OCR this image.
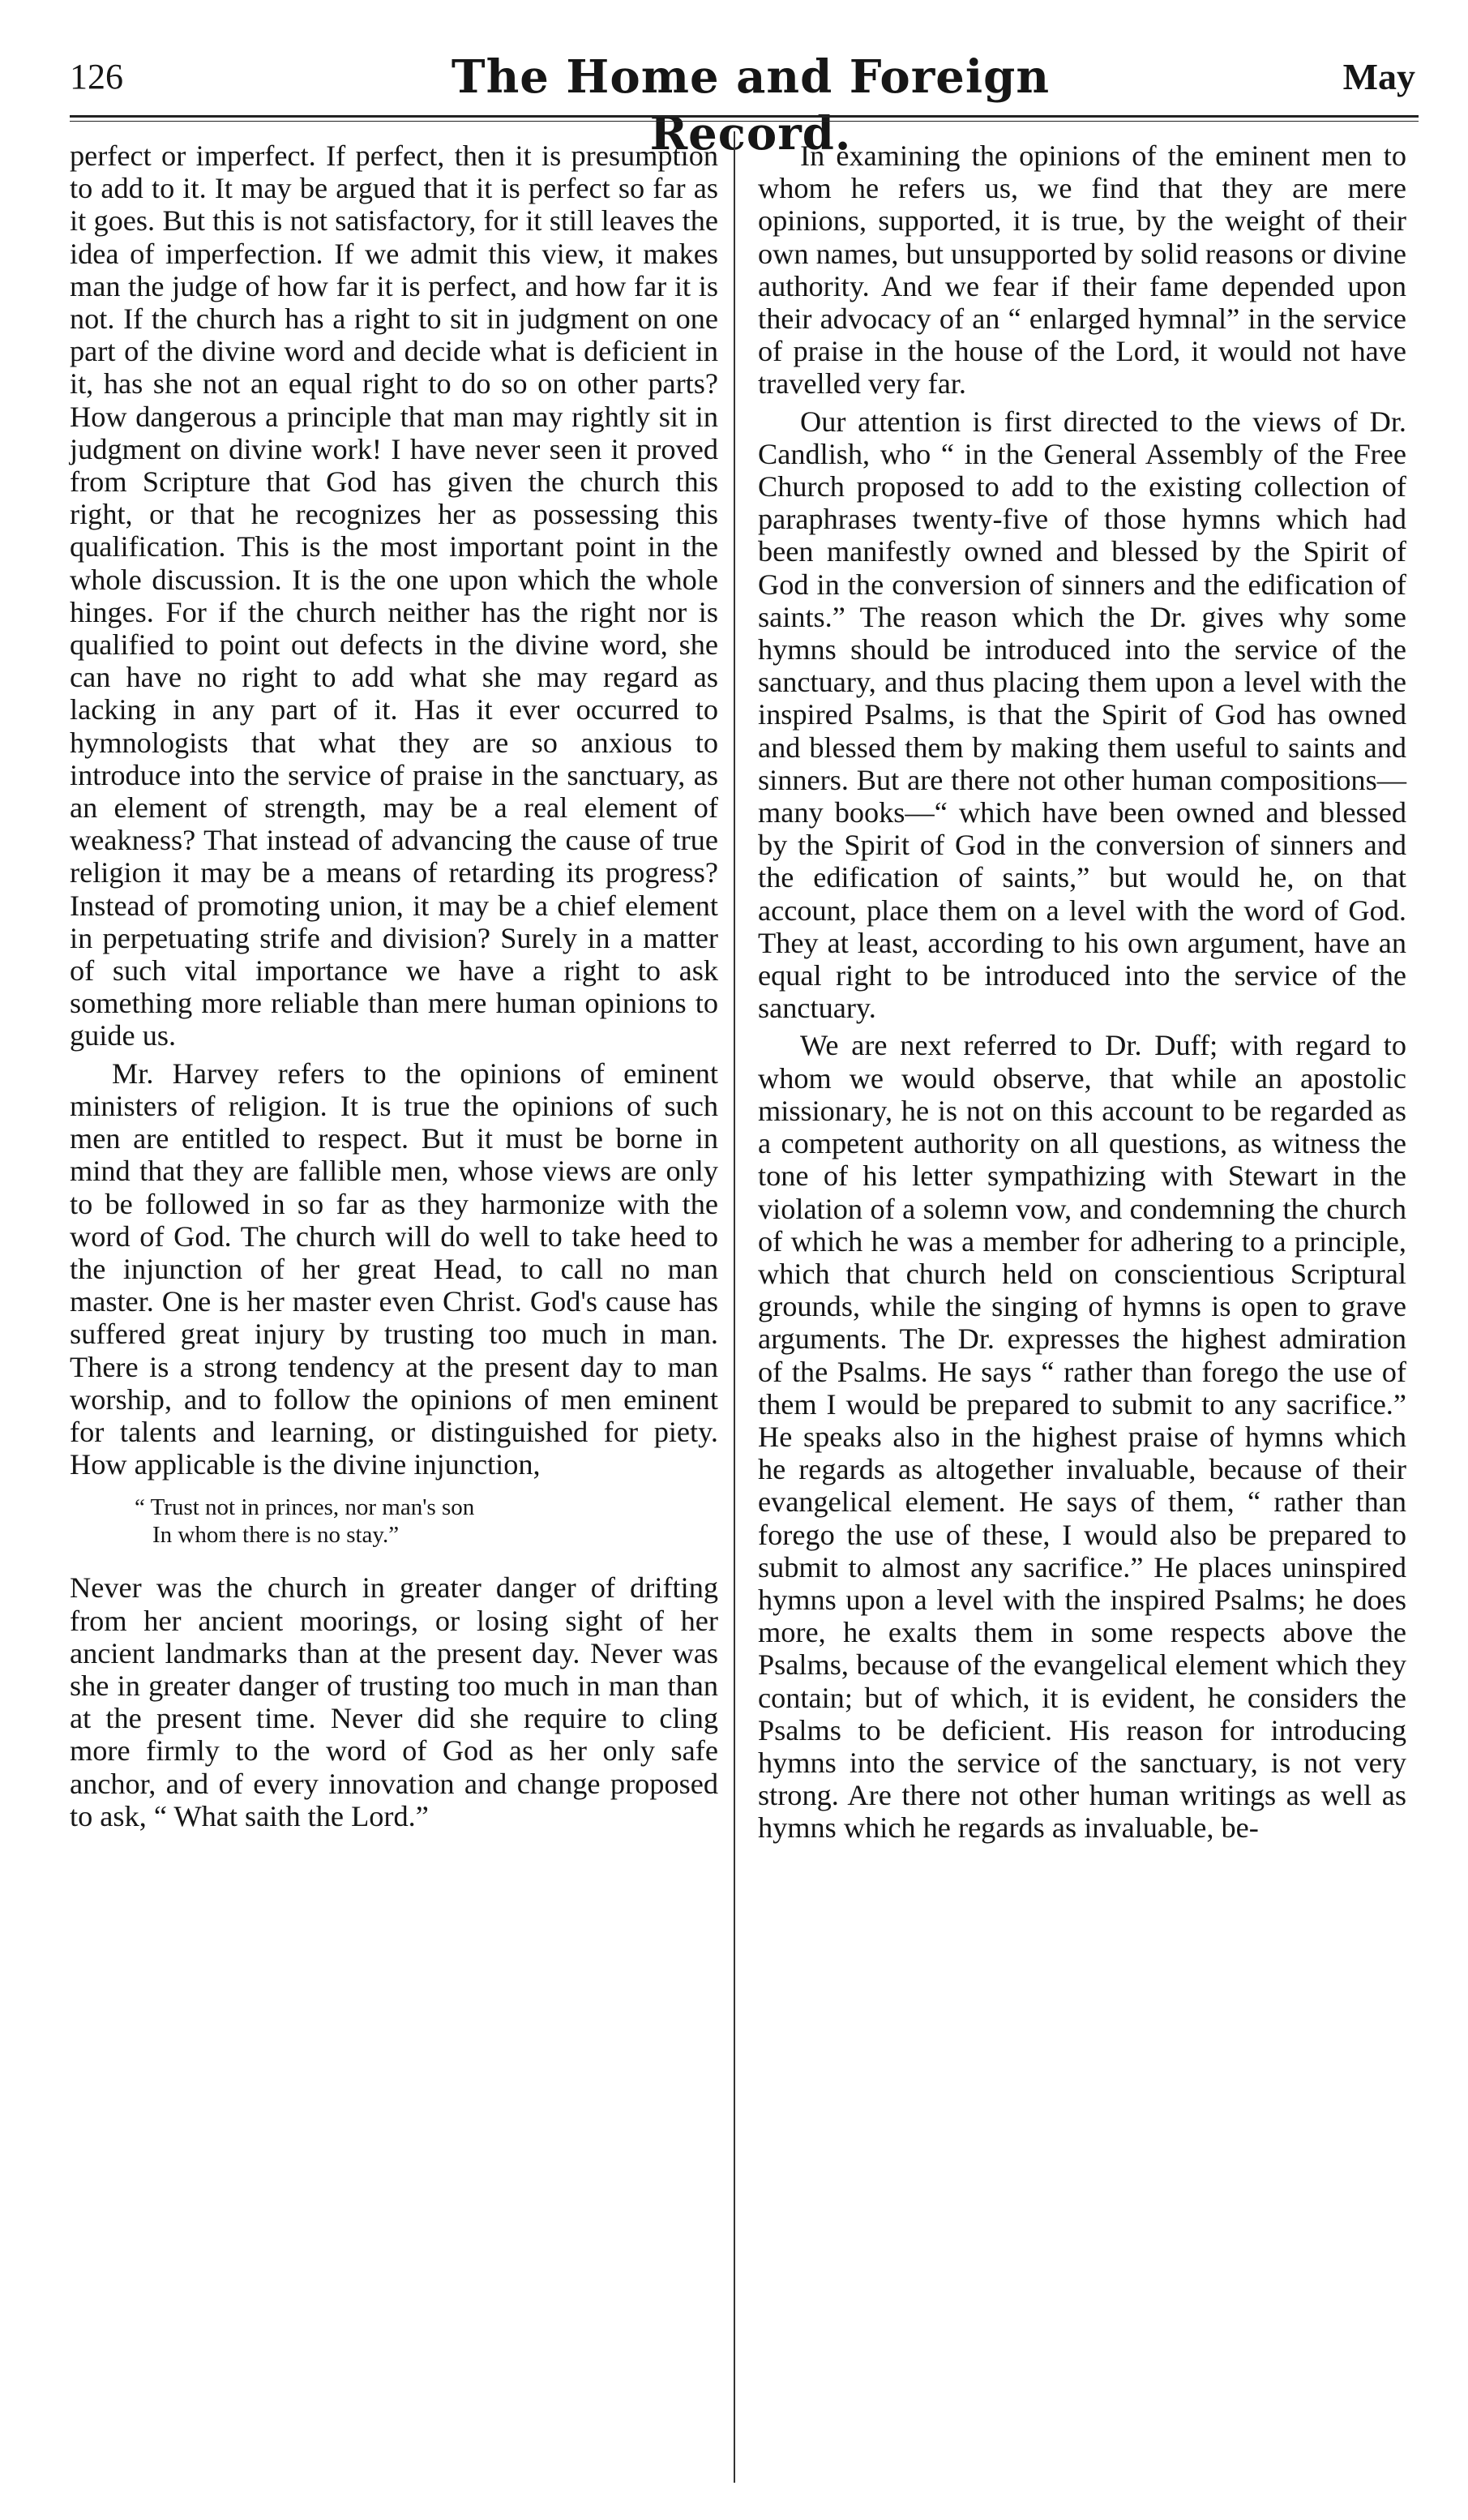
126	The Home and Foreign Record.
May

perfect or imperfect. If perfect, then it is presumption to add to it. It may be argued that it is perfect so far as it goes. But this is not satisfactory, for it still leaves the idea of imperfection. If we admit this view, it makes man the judge of how far it is perfect, and how far it is not. If the church has a right to sit in judgment on one part of the divine word and decide what is deficient in it, has she not an equal right to do so on other parts? How dangerous a principle that man may rightly sit in judgment on divine work! I have never seen it proved from Scripture that God has given the church this right, or that he recognizes her as possessing this qualification. This is the most important point in the whole discussion. It is the one upon which the whole hinges. For if the church neither has the right nor is qualified to point out defects in the divine word, she can have no right to add what she may regard as lacking in any part of it. Has it ever occurred to hymnologists that what they are so anxious to introduce into the service of praise in the sanctuary, as an element of strength, may be a real element of weakness? That instead of advancing the cause of true religion it may be a means of retarding its progress? Instead of promoting union, it may be a chief element in perpetuating strife and division? Surely in a matter of such vital importance we have a right to ask something more reliable than mere human opinions to guide us.

Mr. Harvey refers to the opinions of eminent ministers of religion. It is true the opinions of such men are entitled to respect. But it must be borne in mind that they are fallible men, whose views are only to be followed in so far as they harmonize with the word of God. The church will do well to take heed to the injunction of her great Head, to call no man master. One is her master even Christ. God's cause has suffered great injury by trusting too much in man. There is a strong tendency at the present day to man worship, and to follow the opinions of men eminent for talents and learning, or distinguished for piety. How applicable is the divine injunction,

“ Trust not in princes, nor man's son
In whom there is no stay.”

Never was the church in greater danger of drifting from her ancient moorings, or losing sight of her ancient landmarks than at the present day. Never was she in greater danger of trusting too much in man than at the present time. Never did she require to cling more firmly to the word of God as her only safe anchor, and of every innovation and change proposed to ask, “ What saith the Lord.”

In examining the opinions of the eminent men to whom he refers us, we find that they are mere opinions, supported, it is true, by the weight of their own names, but unsupported by solid reasons or divine authority. And we fear if their fame depended upon their advocacy of an “ enlarged hymnal” in the service of praise in the house of the Lord, it would not have travelled very far.

Our attention is first directed to the views of Dr. Candlish, who “ in the General Assembly of the Free Church proposed to add to the existing collection of paraphrases twenty-five of those hymns which had been manifestly owned and blessed by the Spirit of God in the conversion of sinners and the edification of saints.” The reason which the Dr. gives why some hymns should be introduced into the service of the sanctuary, and thus placing them upon a level with the inspired Psalms, is that the Spirit of God has owned and blessed them by making them useful to saints and sinners. But are there not other human compositions—many books—“ which have been owned and blessed by the Spirit of God in the conversion of sinners and the edification of saints,” but would he, on that account, place them on a level with the word of God. They at least, according to his own argument, have an equal right to be introduced into the service of the sanctuary.

We are next referred to Dr. Duff; with regard to whom we would observe, that while an apostolic missionary, he is not on this account to be regarded as a competent authority on all questions, as witness the tone of his letter sympathizing with Stewart in the violation of a solemn vow, and condemning the church of which he was a member for adhering to a principle, which that church held on conscientious Scriptural grounds, while the singing of hymns is open to grave arguments. The Dr. expresses the highest admiration of the Psalms. He says “ rather than forego the use of them I would be prepared to submit to any sacrifice.” He speaks also in the highest praise of hymns which he regards as altogether invaluable, because of their evangelical element. He says of them, “ rather than forego the use of these, I would also be prepared to submit to almost any sacrifice.” He places uninspired hymns upon a level with the inspired Psalms; he does more, he exalts them in some respects above the Psalms, because of the evangelical element which they contain; but of which, it is evident, he considers the Psalms to be deficient. His reason for introducing hymns into the service of the sanctuary, is not very strong. Are there not other human writings as well as hymns which he regards as invaluable, be-
